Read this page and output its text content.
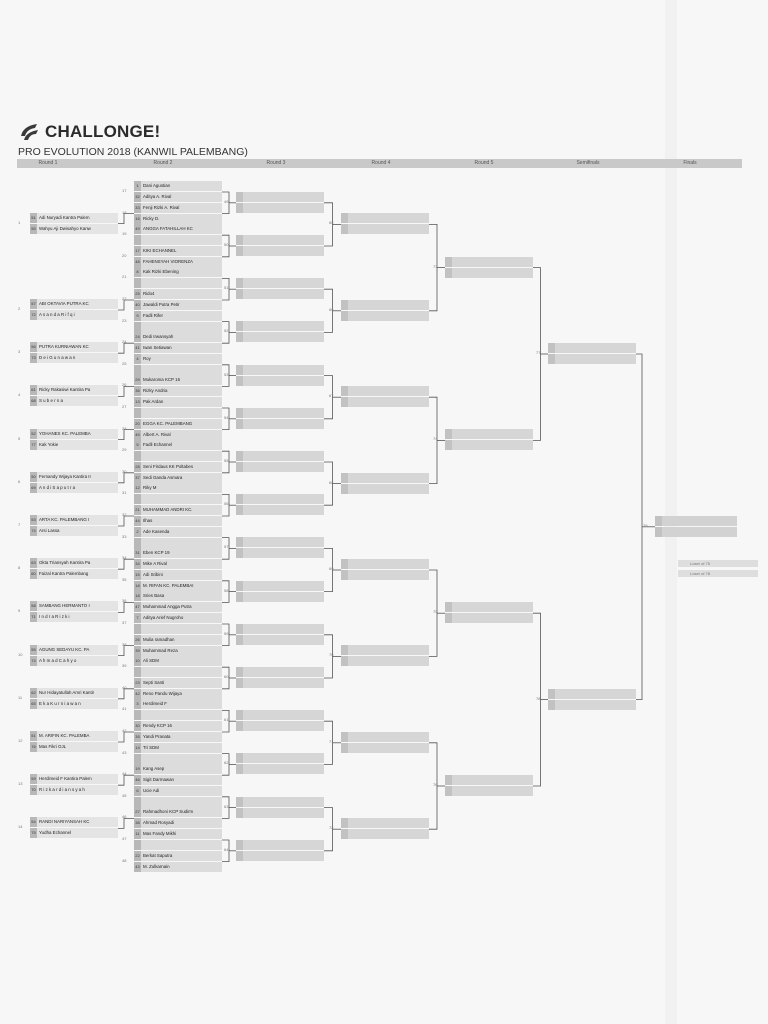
CHALLONGE!
PRO EVOLUTION 2018 (KANWIL PALEMBANG)
Round 1	Round 2	Round 3	Round 4	Round 5	Semifinals	Finals
17
1 Dani Agustian
32 Aditya A. Rival
18
33 Fenji Rizki A. Rival
16 Ricky D.
19
49 ANGGA FATAHILLAH KC
20
17 KIKI ECHANNEL
48 FAHENSYAH VIORENZA
21
8 Kak Rizki Ebening
22
25 Rido4
40 Jawaldi Putra Petir
23
9 Fadli Rifer
24
24 Dedi Irwansyah
41 Iwan Setiawan
25
4 Roy
26
29 Mukaroma KCP 16
36 Rizky Andria
27
13 Pak Ardan
28
20 EGGA KC. PALEMBANG
45 Albert A. Rival
29
5 Fadli Echannel
30
28 Seni Firdaus KK Poltabes
37 Sedi Ganda Asmara
31
12 Riky M
32
21 MUHAMMAD ANDRI KC.
44 Ilhas
33
2 Ade Kasenda
34
31 Eben KCP 19
34 Mike A Rival
35
15 Adi Sribini
18 M. RIFAN KC. PALEMBAI
36
18 Sries Basa
47 Muhammad Angga Putra
37
7 Aditya Arief Nugroho
38
26 Mulia ramadhan
39 Muhammad Reza
39
10 Ali SDM
40
23 Septi Santi
42 Reno Pandu Wijaya
41
3 Herdimeid F
42
30 Rendy KCP 16
35 Yandi Pranata
43
14 Tri SDM
44
19 Kang Asep
46 Sigit Darmawan
45
6 Ucie Adi
46
27 Rahmadhoni KCP Sudirm
38 Ahmad Rosyadi
47
11 Mas Fandy Mikhi
48
22 Berkat Saputra
43 M. Zulkarnain
1
51 Adi Nuryadi Kantra Palem
55 Wahyu Aji Dwisahyo Kanw
2
57 ABI OKTAVIA PUTRA KC
72 A s a n d a R i f q i
3
56 PUTRA KURNIAWAN KC
73 D e i G u n a w a n
4
61 Ricky Rakasiwi Kantira Pa
68 S u b e r n a
5
52 YOHANES KC. PALEMBA
77 Kak Yokie
6
50 Fernandy Wijaya Kantira II
69 A n d i S a p u t r a
7
53 ARTA KC. PALEMBANG I
74 Arsi Lassa
8
63 Okta Triansyah Kantira Pa
60 Faizal Kantra Palembang
9
58 SAMBANG HERMANTO I
71 I n d r a R i z k i
10
55 AGUNG SEDAYU KC. PA
74 A h m a d C a h y o
11
62 Nur Hidayatullah Amri Kantir
65 E k a K u r n i a w a n
12
51 M. ARIFIN KC. PALEMBA
76 Mas Fikri OJL
13
59 Herdimeid F Kantira Palem
70 R i z k a r d i a n s y a h
14
54 RANDI NARIYANSAH KC
75 Yudha Echannel
49
50
51
52
53
54
55
56
57
58
59
60
61
62
63
64
65
66
67
68
69
70
71
72
73
74
75
76
77
78
79
Loser of 75
Loser of 78
